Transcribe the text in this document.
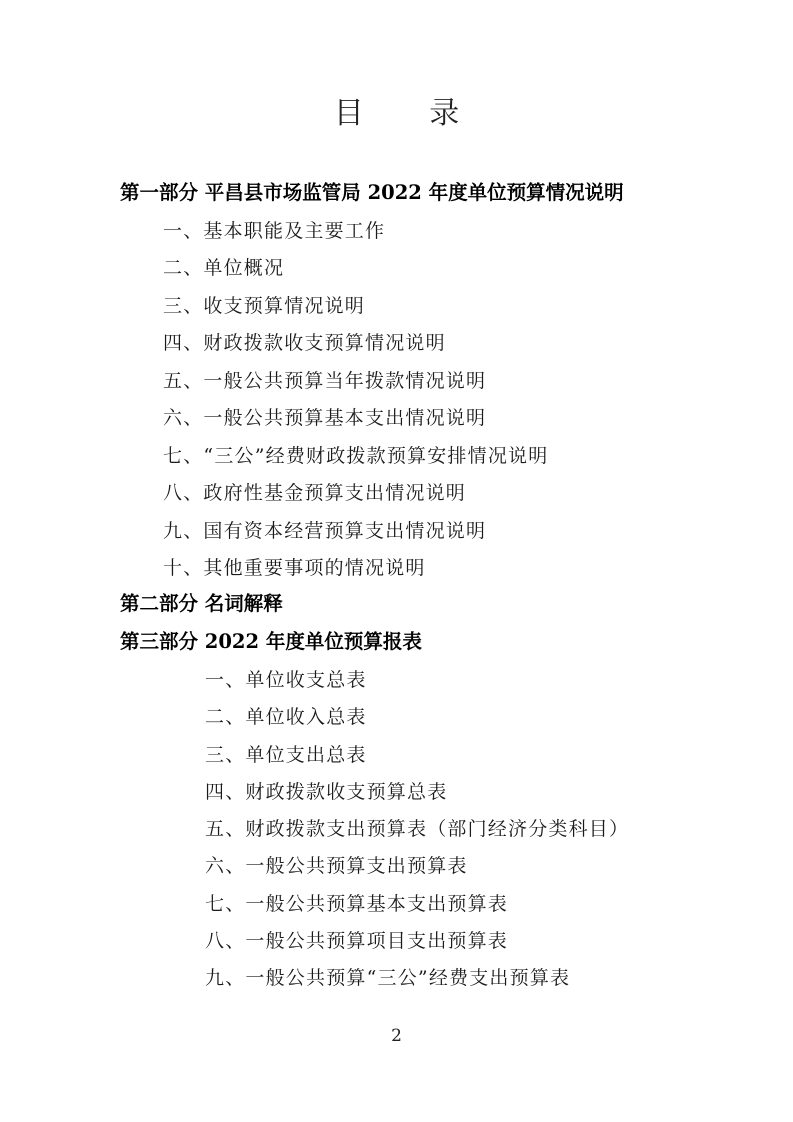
目 录
第一部分 平昌县市场监管局 2022 年度单位预算情况说明
一、基本职能及主要工作
二、单位概况
三、收支预算情况说明
四、财政拨款收支预算情况说明
五、一般公共预算当年拨款情况说明
六、一般公共预算基本支出情况说明
七、“三公”经费财政拨款预算安排情况说明
八、政府性基金预算支出情况说明
九、国有资本经营预算支出情况说明
十、其他重要事项的情况说明
第二部分 名词解释
第三部分 2022 年度单位预算报表
一、单位收支总表
二、单位收入总表
三、单位支出总表
四、财政拨款收支预算总表
五、财政拨款支出预算表（部门经济分类科目）
六、一般公共预算支出预算表
七、一般公共预算基本支出预算表
八、一般公共预算项目支出预算表
九、一般公共预算“三公”经费支出预算表
2
